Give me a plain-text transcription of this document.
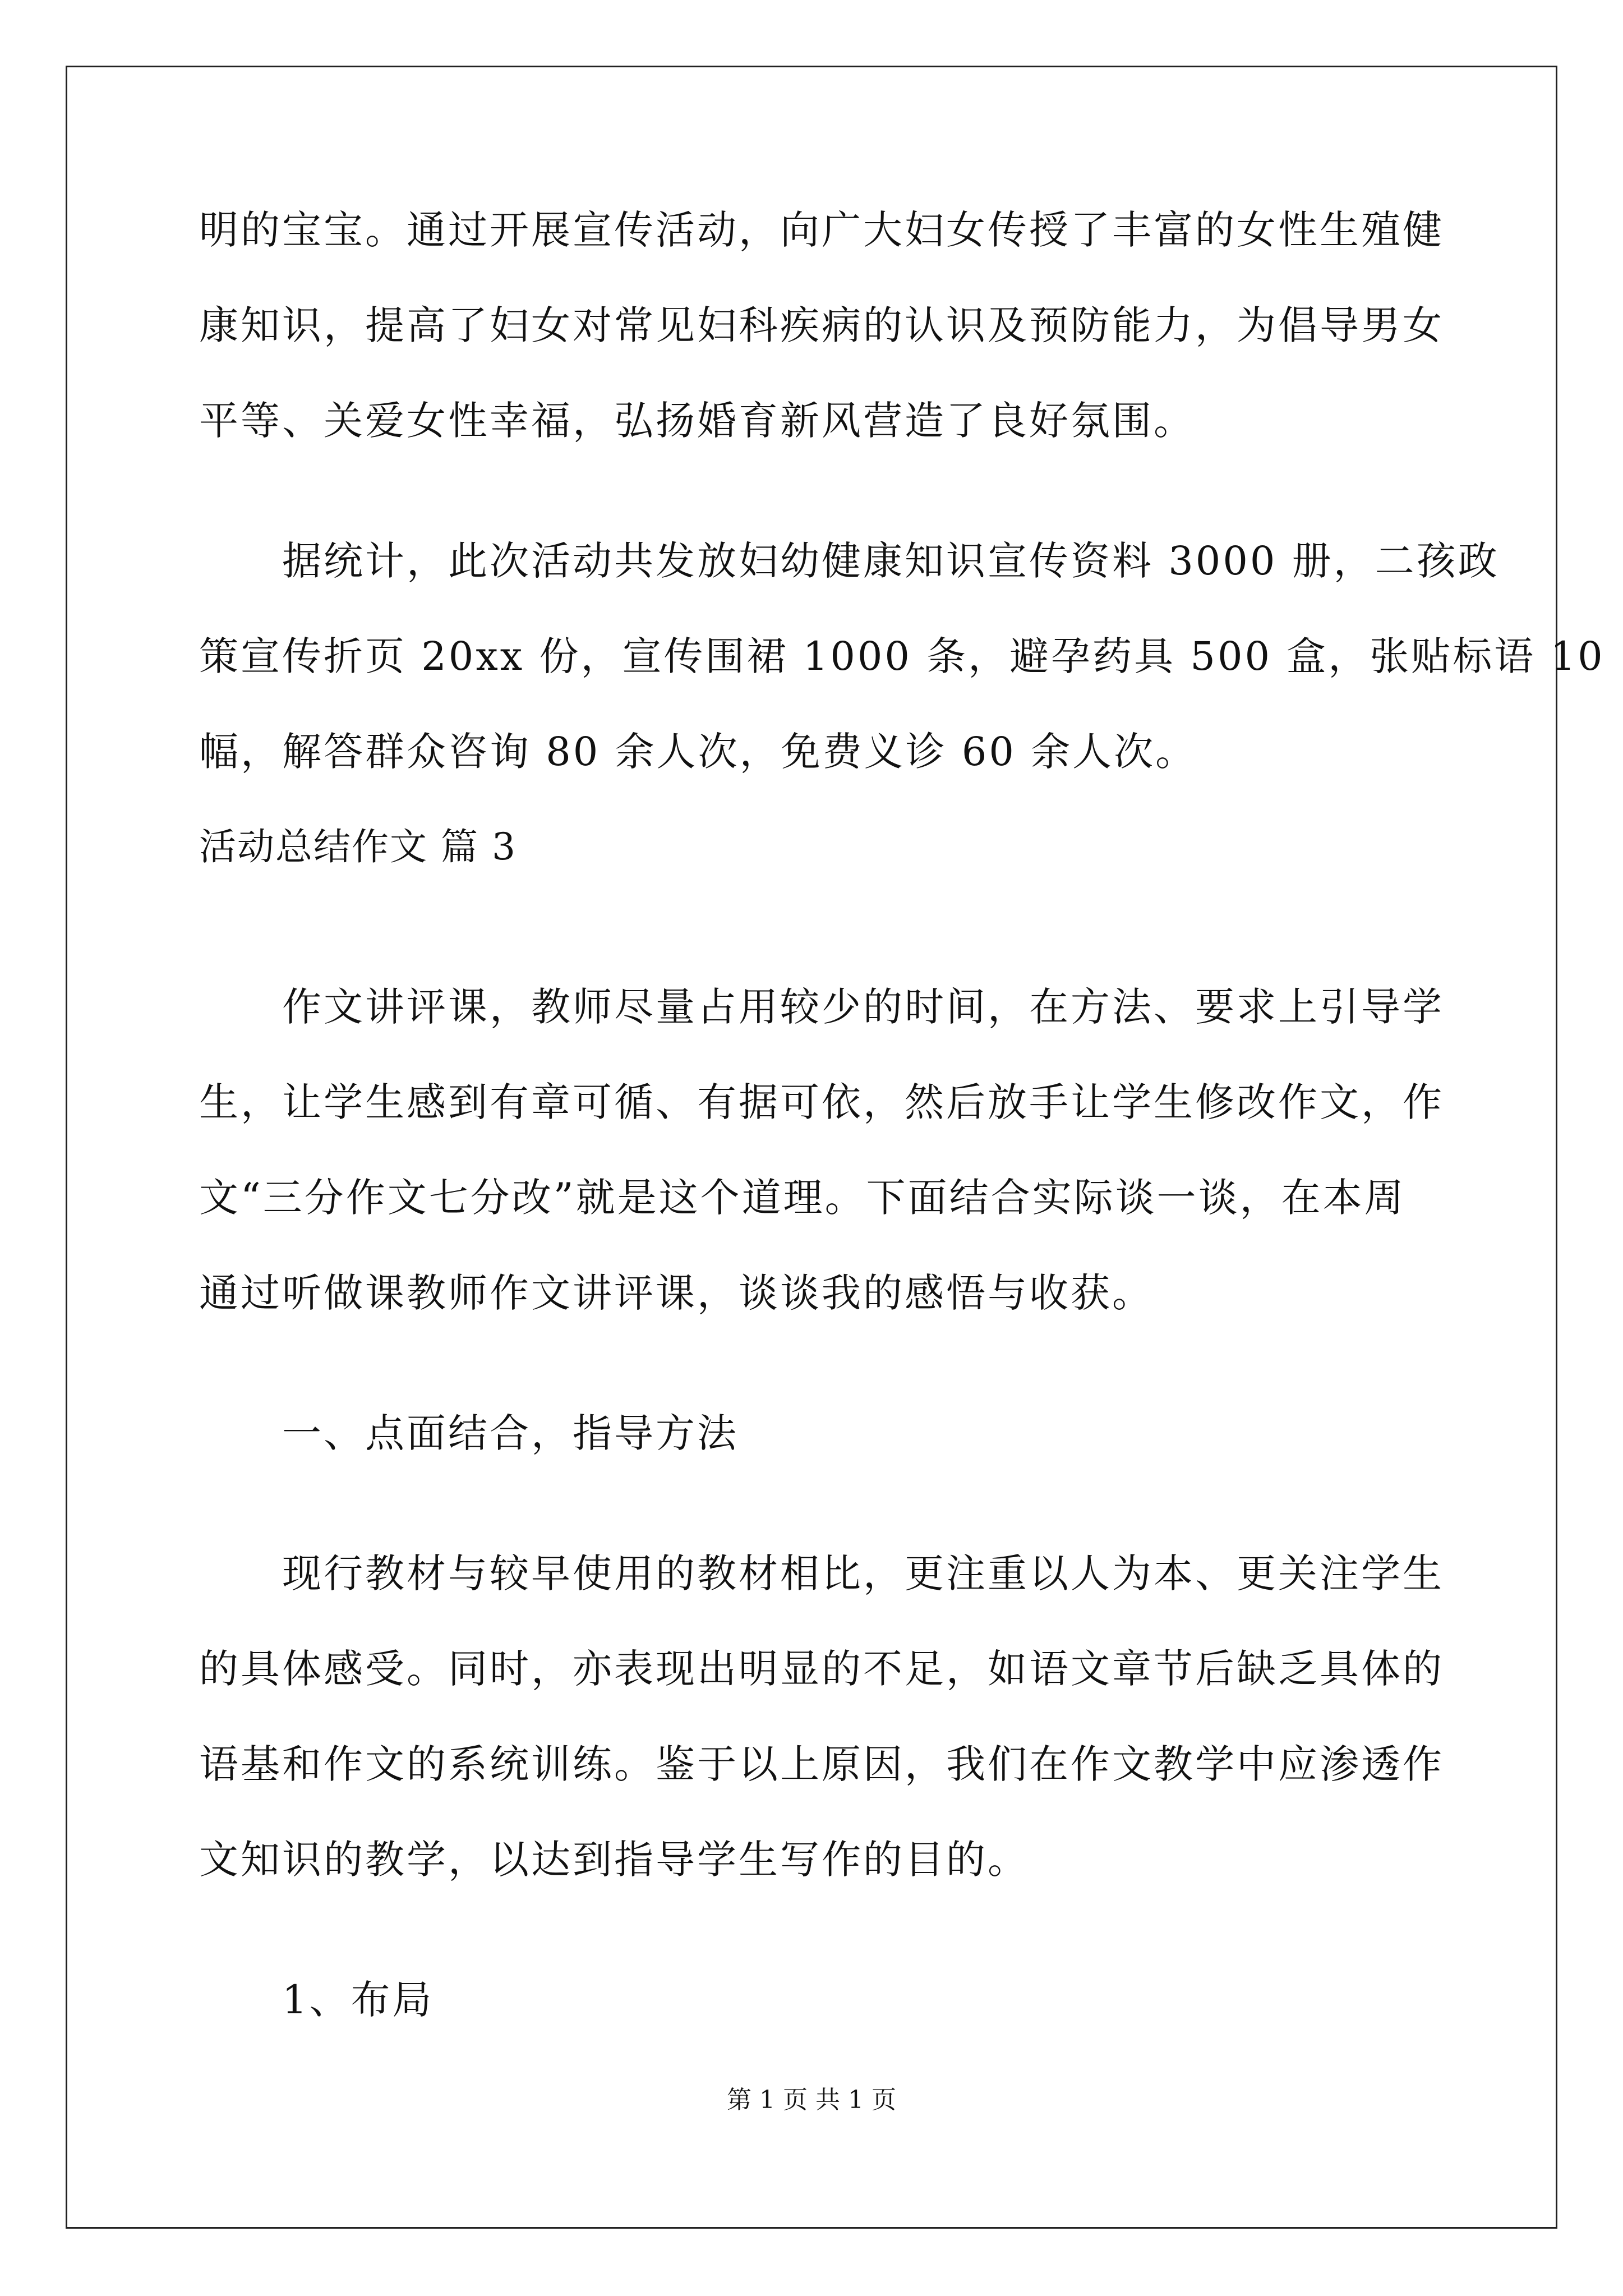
明的宝宝。通过开展宣传活动，向广大妇女传授了丰富的女性生殖健
康知识，提高了妇女对常见妇科疾病的认识及预防能力，为倡导男女
平等、关爱女性幸福，弘扬婚育新风营造了良好氛围。
据统计，此次活动共发放妇幼健康知识宣传资料 3000 册，二孩政
策宣传折页 20xx 份，宣传围裙 1000 条，避孕药具 500 盒，张贴标语 10
幅，解答群众咨询 80 余人次，免费义诊 60 余人次。
活动总结作文 篇 3
作文讲评课，教师尽量占用较少的时间，在方法、要求上引导学
生，让学生感到有章可循、有据可依，然后放手让学生修改作文，作
文“三分作文七分改”就是这个道理。下面结合实际谈一谈，在本周
通过听做课教师作文讲评课，谈谈我的感悟与收获。
一、点面结合，指导方法
现行教材与较早使用的教材相比，更注重以人为本、更关注学生
的具体感受。同时，亦表现出明显的不足，如语文章节后缺乏具体的
语基和作文的系统训练。鉴于以上原因，我们在作文教学中应渗透作
文知识的教学，以达到指导学生写作的目的。
1、布局
第 1 页 共 1 页
